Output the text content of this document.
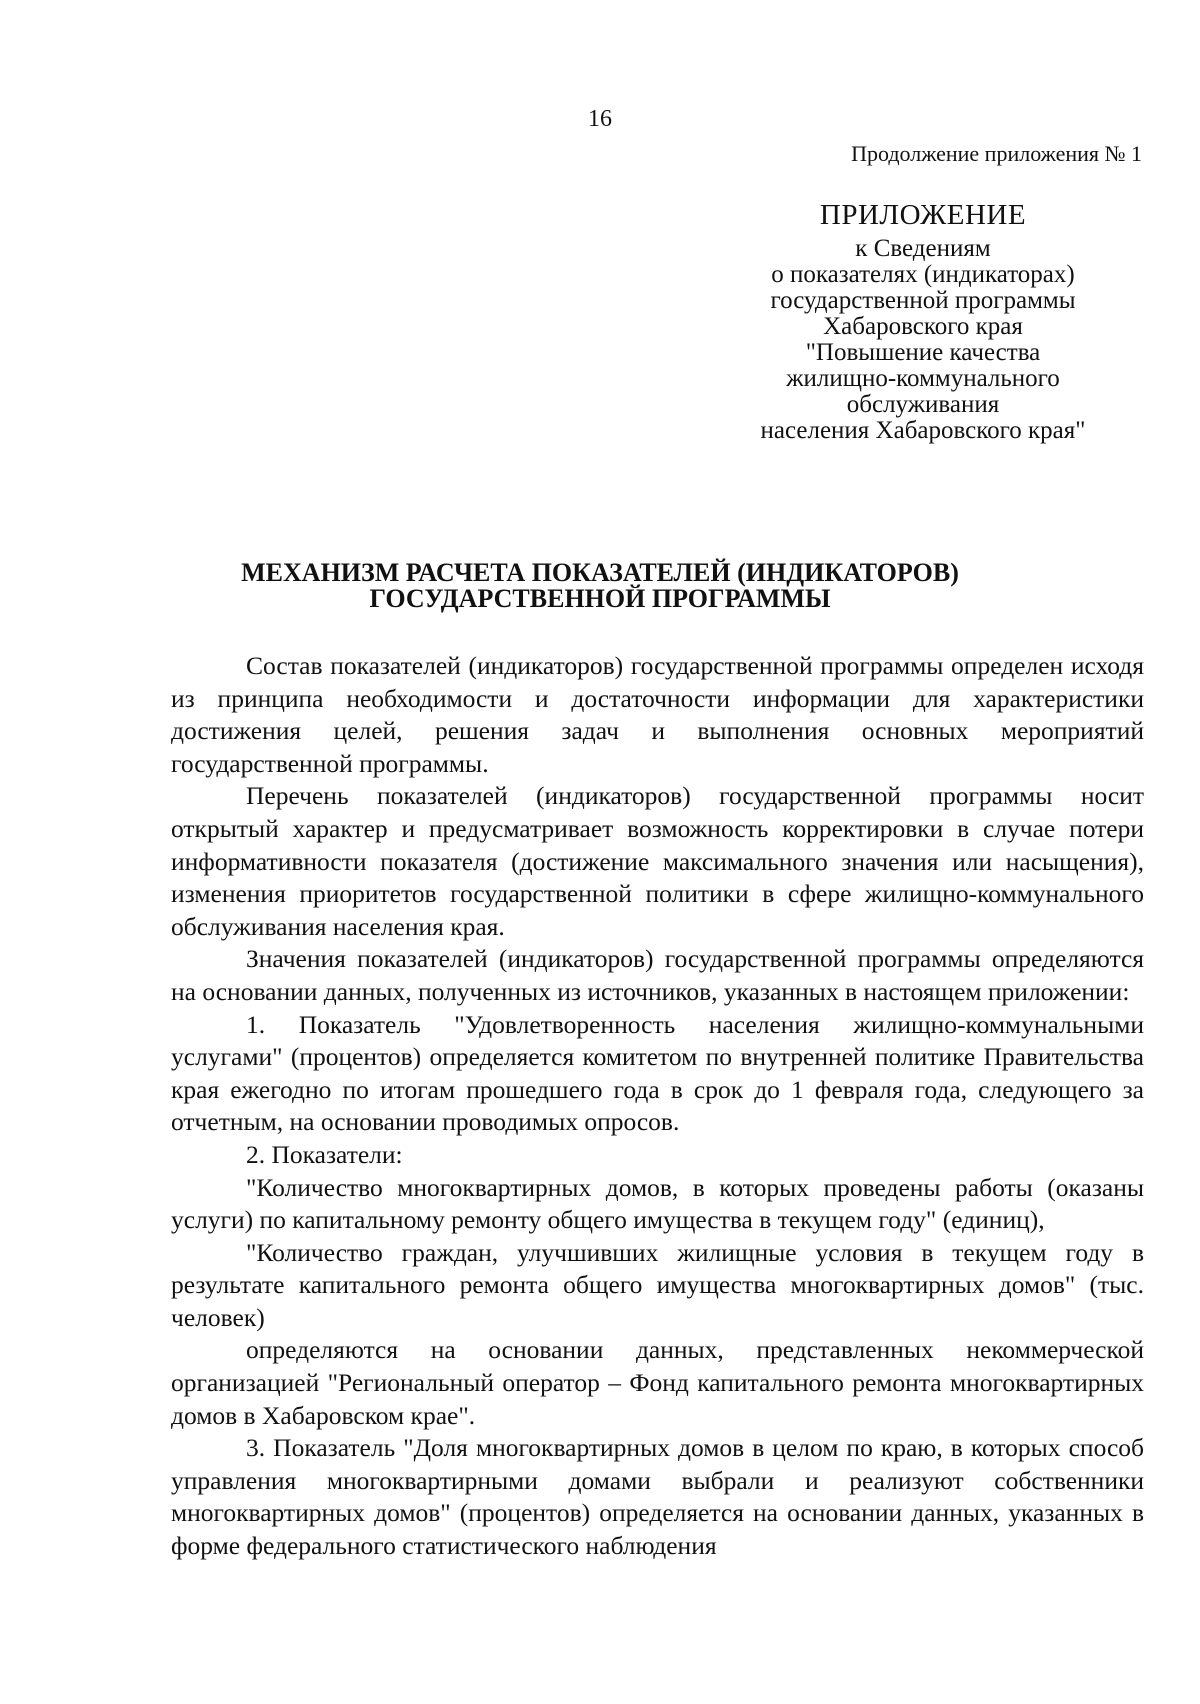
16
Продолжение приложения № 1
ПРИЛОЖЕНИЕ
к Сведениям
о показателях (индикаторах)
государственной программы
Хабаровского края
"Повышение качества
жилищно-коммунального
обслуживания
населения Хабаровского края"
МЕХАНИЗМ РАСЧЕТА ПОКАЗАТЕЛЕЙ (ИНДИКАТОРОВ)
ГОСУДАРСТВЕННОЙ ПРОГРАММЫ

Состав показателей (индикаторов) государственной программы определен исходя из принципа необходимости и достаточности информации для характеристики достижения целей, решения задач и выполнения основных мероприятий государственной программы.

Перечень показателей (индикаторов) государственной программы носит открытый характер и предусматривает возможность корректировки в случае потери информативности показателя (достижение максимального значения или насыщения), изменения приоритетов государственной политики в сфере жилищно-коммунального обслуживания населения края.

Значения показателей (индикаторов) государственной программы определяются на основании данных, полученных из источников, указанных в настоящем приложении:

1. Показатель "Удовлетворенность населения жилищно-коммунальными услугами" (процентов) определяется комитетом по внутренней политике Правительства края ежегодно по итогам прошедшего года в срок до 1 февраля года, следующего за отчетным, на основании проводимых опросов.

2. Показатели:

"Количество многоквартирных домов, в которых проведены работы (оказаны услуги) по капитальному ремонту общего имущества в текущем году" (единиц),

"Количество граждан, улучшивших жилищные условия в текущем году в результате капитального ремонта общего имущества многоквартирных домов" (тыс. человек)

определяются на основании данных, представленных некоммерческой организацией "Региональный оператор – Фонд капитального ремонта многоквартирных домов в Хабаровском крае".

3. Показатель "Доля многоквартирных домов в целом по краю, в которых способ управления многоквартирными домами выбрали и реализуют собственники многоквартирных домов" (процентов) определяется на основании данных, указанных в форме федерального статистического наблюдения
